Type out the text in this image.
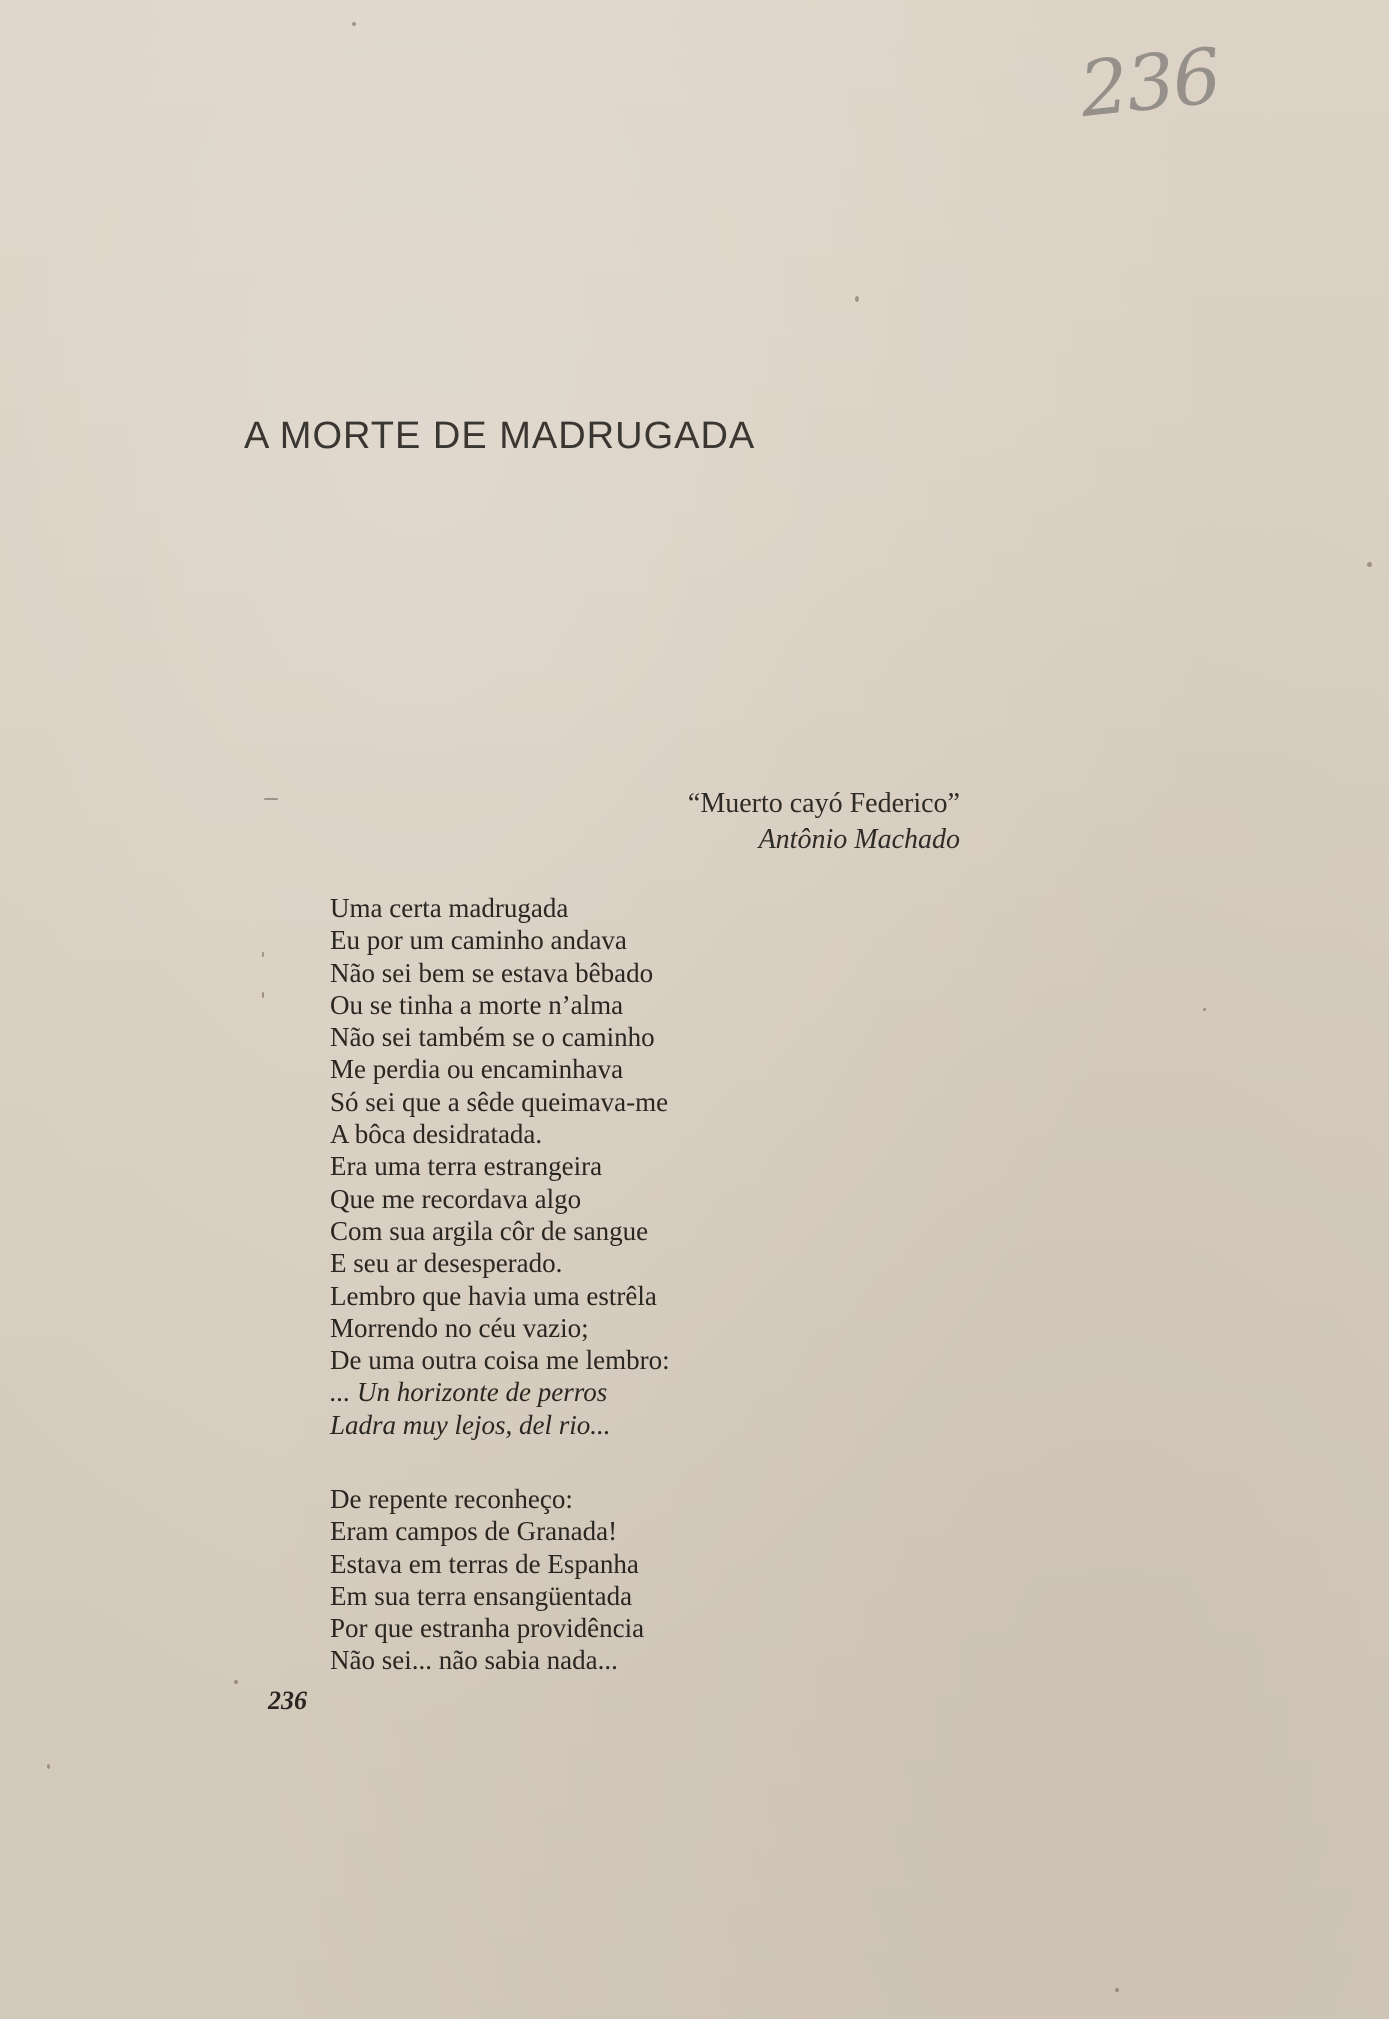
236
A MORTE DE MADRUGADA
“Muerto cayó Federico”
Antônio Machado
Uma certa madrugada
Eu por um caminho andava
Não sei bem se estava bêbado
Ou se tinha a morte n’alma
Não sei também se o caminho
Me perdia ou encaminhava
Só sei que a sêde queimava-me
A bôca desidratada.
Era uma terra estrangeira
Que me recordava algo
Com sua argila côr de sangue
E seu ar desesperado.
Lembro que havia uma estrêla
Morrendo no céu vazio;
De uma outra coisa me lembro:
... Un horizonte de perros
Ladra muy lejos, del rio...
De repente reconheço:
Eram campos de Granada!
Estava em terras de Espanha
Em sua terra ensangüentada
Por que estranha providência
Não sei... não sabia nada...
236
